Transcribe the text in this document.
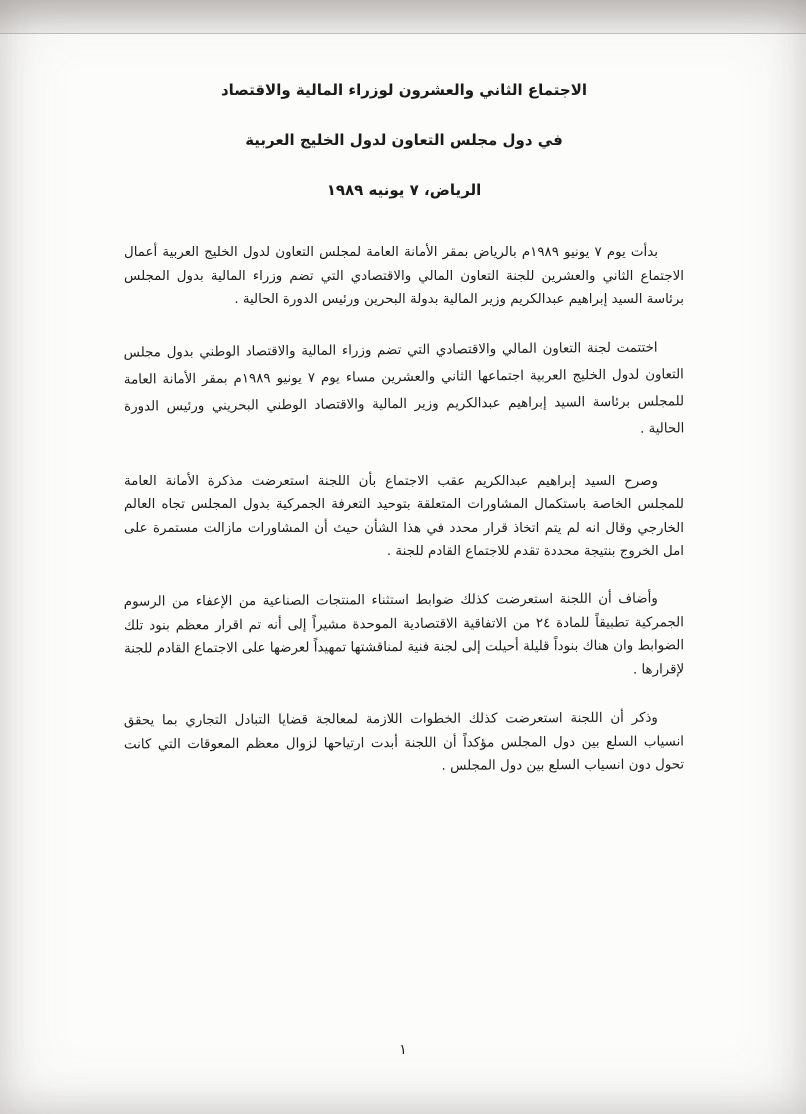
الاجتماع الثاني والعشرون لوزراء المالية والاقتصاد
في دول مجلس التعاون لدول الخليج العربية
الرياض، ٧ يونيه ١٩٨٩

بدأت يوم ٧ يونيو ١٩٨٩م بالرياض بمقر الأمانة العامة لمجلس التعاون لدول الخليج العربية أعمال الاجتماع الثاني والعشرين للجنة التعاون المالي والاقتصادي التي تضم وزراء المالية بدول المجلس برئاسة السيد إبراهيم عبدالكريم وزير المالية بدولة البحرين ورئيس الدورة الحالية .

اختتمت لجنة التعاون المالي والاقتصادي التي تضم وزراء المالية والاقتصاد الوطني بدول مجلس التعاون لدول الخليج العربية اجتماعها الثاني والعشرين مساء يوم ٧ يونيو ١٩٨٩م بمقر الأمانة العامة للمجلس برئاسة السيد إبراهيم عبدالكريم وزير المالية والاقتصاد الوطني البحريني ورئيس الدورة الحالية .

وصرح السيد إبراهيم عبدالكريم عقب الاجتماع بأن اللجنة استعرضت مذكرة الأمانة العامة للمجلس الخاصة باستكمال المشاورات المتعلقة بتوحيد التعرفة الجمركية بدول المجلس تجاه العالم الخارجي وقال انه لم يتم اتخاذ قرار محدد في هذا الشأن حيث أن المشاورات مازالت مستمرة على امل الخروج بنتيجة محددة تقدم للاجتماع القادم للجنة .

وأضاف أن اللجنة استعرضت كذلك ضوابط استثناء المنتجات الصناعية من الإعفاء من الرسوم الجمركية تطبيقاً للمادة ٢٤ من الاتفاقية الاقتصادية الموحدة مشيراً إلى أنه تم اقرار معظم بنود تلك الضوابط وان هناك بنوداً قليلة أحيلت إلى لجنة فنية لمناقشتها تمهيداً لعرضها على الاجتماع القادم للجنة لإقرارها .

وذكر أن اللجنة استعرضت كذلك الخطوات اللازمة لمعالجة قضايا التبادل التجاري بما يحقق انسياب السلع بين دول المجلس مؤكداً أن اللجنة أبدت ارتياحها لزوال معظم المعوقات التي كانت تحول دون انسياب السلع بين دول المجلس .

١
